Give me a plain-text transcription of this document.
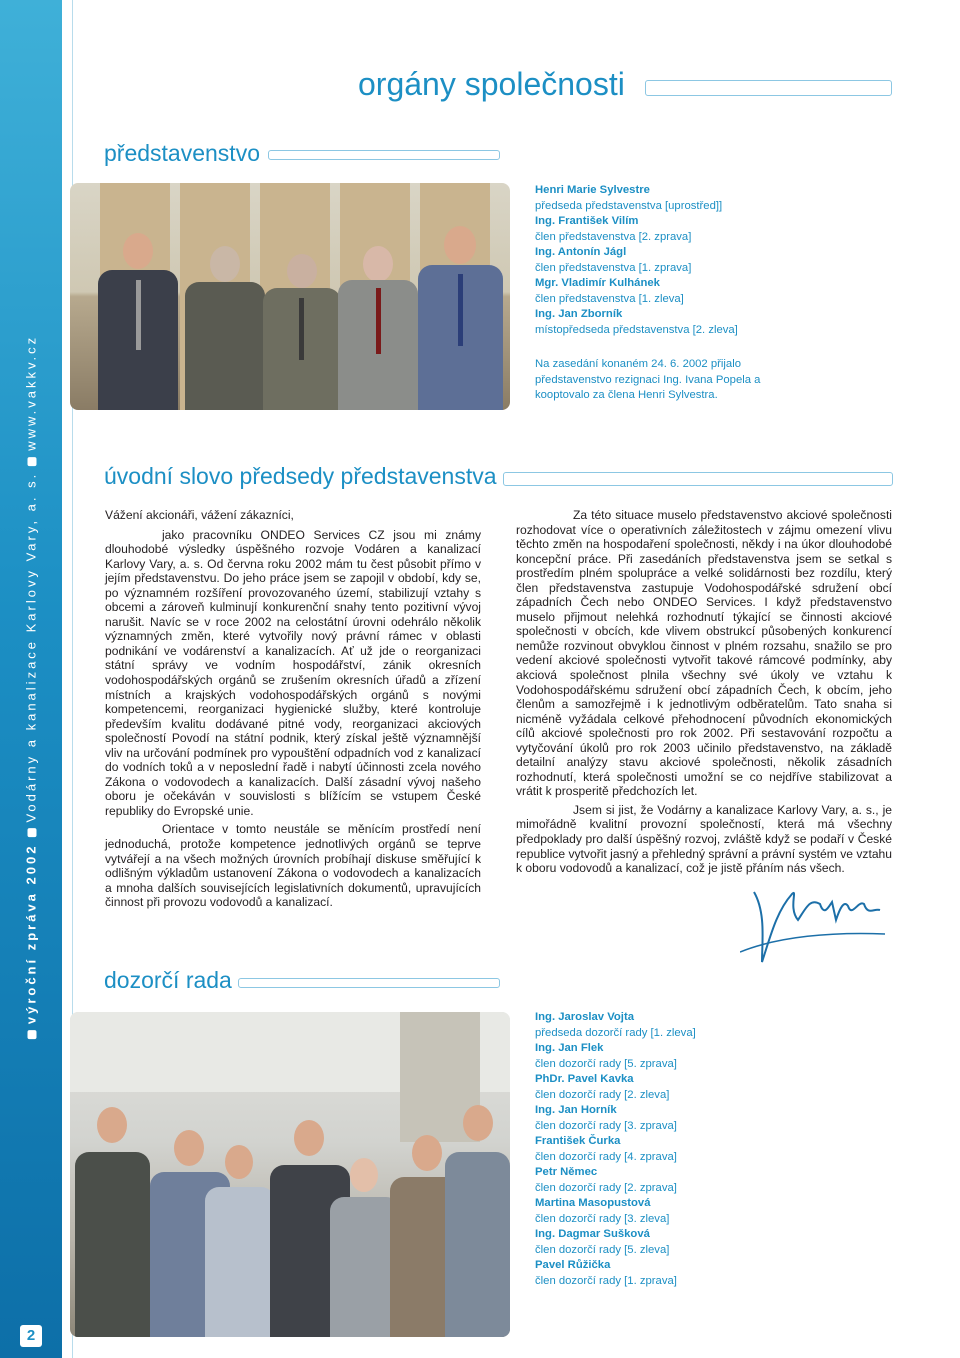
výroční zpráva 2002Vodárny a kanalizace Karlovy Vary, a. s.www.vakkv.cz
2
orgány společnosti
představenstvo
Henri Marie Sylvestre
předseda představenstva [uprostřed]]
Ing. František Vilím
člen představenstva [2. zprava]
Ing. Antonín Jágl
člen představenstva [1. zprava]
Mgr. Vladimír Kulhánek
člen představenstva [1. zleva]
Ing. Jan Zborník
místopředseda představenstva [2. zleva]
Na zasedání konaném 24. 6. 2002 přijalo představenstvo rezignaci Ing. Ivana Popela a kooptovalo za člena Henri Sylvestra.
úvodní slovo předsedy představenstva

Vážení akcionáři, vážení zákazníci,

jako pracovníku ONDEO Services CZ jsou mi známy dlouhodobé výsledky úspěšného rozvoje Vodáren a kanalizací Karlovy Vary, a. s. Od června roku 2002 mám tu čest působit přímo v jejím představenstvu. Do jeho práce jsem se zapojil v období, kdy se, po významném rozšíření provozovaného území, stabilizují vztahy s obcemi a zároveň kulminují konkurenční snahy tento pozitivní vývoj narušit. Navíc se v roce 2002 na celostátní úrovni odehrálo několik významných změn, které vytvořily nový právní rámec v oblasti podnikání ve vodárenství a kanalizacích. Ať už jde o reorganizaci státní správy ve vodním hospodářství, zánik okresních vodohospodářských orgánů se zrušením okresních úřadů a zřízení místních a krajských vodohospodářských orgánů s novými kompetencemi, reorganizaci hygienické služby, které kontroluje především kvalitu dodávané pitné vody, reorganizaci akciových společností Povodí na státní podnik, který získal ještě významnější vliv na určování podmínek pro vypouštění odpadních vod z kanalizací do vodních toků a v neposlední řadě i nabytí účinnosti zcela nového Zákona o vodovodech a kanalizacích. Další zásadní vývoj našeho oboru je očekáván v souvislosti s blížícím se vstupem České republiky do Evropské unie.

Orientace v tomto neustále se měnícím prostředí není jednoduchá, protože kompetence jednotlivých orgánů se teprve vytvářejí a na všech možných úrovních probíhají diskuse směřující k odlišným výkladům ustanovení Zákona o vodovodech a kanalizacích a mnoha dalších souvisejících legislativních dokumentů, upravujících činnost při provozu vodovodů a kanalizací.

Za této situace muselo představenstvo akciové společnosti rozhodovat více o operativních záležitostech v zájmu omezení vlivu těchto změn na hospodaření společnosti, někdy i na úkor dlouhodobé koncepční práce. Při zasedáních představenstva jsem se setkal s prostředím plném spolupráce a velké solidárnosti bez rozdílu, který člen představenstva zastupuje Vodohospodářské sdružení obcí západních Čech nebo ONDEO Services. I když představenstvo muselo přijmout nelehká rozhodnutí týkající se činnosti akciové společnosti v obcích, kde vlivem obstrukcí působených konkurencí nemůže rozvinout obvyklou činnost v plném rozsahu, snažilo se pro vedení akciové společnosti vytvořit takové rámcové podmínky, aby akciová společnost plnila všechny své úkoly ve vztahu k Vodohospodářskému sdružení obcí západních Čech, k obcím, jeho členům a samozřejmě i k jednotlivým odběratelům. Tato snaha si nicméně vyžádala celkové přehodnocení původních ekonomických cílů akciové společnosti pro rok 2002. Při sestavování rozpočtu a vytyčování úkolů pro rok 2003 učinilo představenstvo, na základě detailní analýzy stavu akciové společnosti, několik zásadních rozhodnutí, která společnosti umožní se co nejdříve stabilizovat a vrátit k prosperitě předchozích let.

Jsem si jist, že Vodárny a kanalizace Karlovy Vary, a. s., je mimořádně kvalitní provozní společností, která má všechny předpoklady pro další úspěšný rozvoj, zvláště když se podaří v České republice vytvořit jasný a přehledný správní a právní systém ve vztahu k oboru vodovodů a kanalizací, což je jistě přáním nás všech.

dozorčí rada
Ing. Jaroslav Vojta
předseda dozorčí rady [1. zleva]
Ing. Jan Flek
člen dozorčí rady [5. zprava]
PhDr. Pavel Kavka
člen dozorčí rady [2. zleva]
Ing. Jan Horník
člen dozorčí rady [3. zprava]
František Čurka
člen dozorčí rady [4. zprava]
Petr Němec
člen dozorčí rady [2. zprava]
Martina Masopustová
člen dozorčí rady [3. zleva]
Ing. Dagmar Sušková
člen dozorčí rady [5. zleva]
Pavel Růžička
člen dozorčí rady [1. zprava]
